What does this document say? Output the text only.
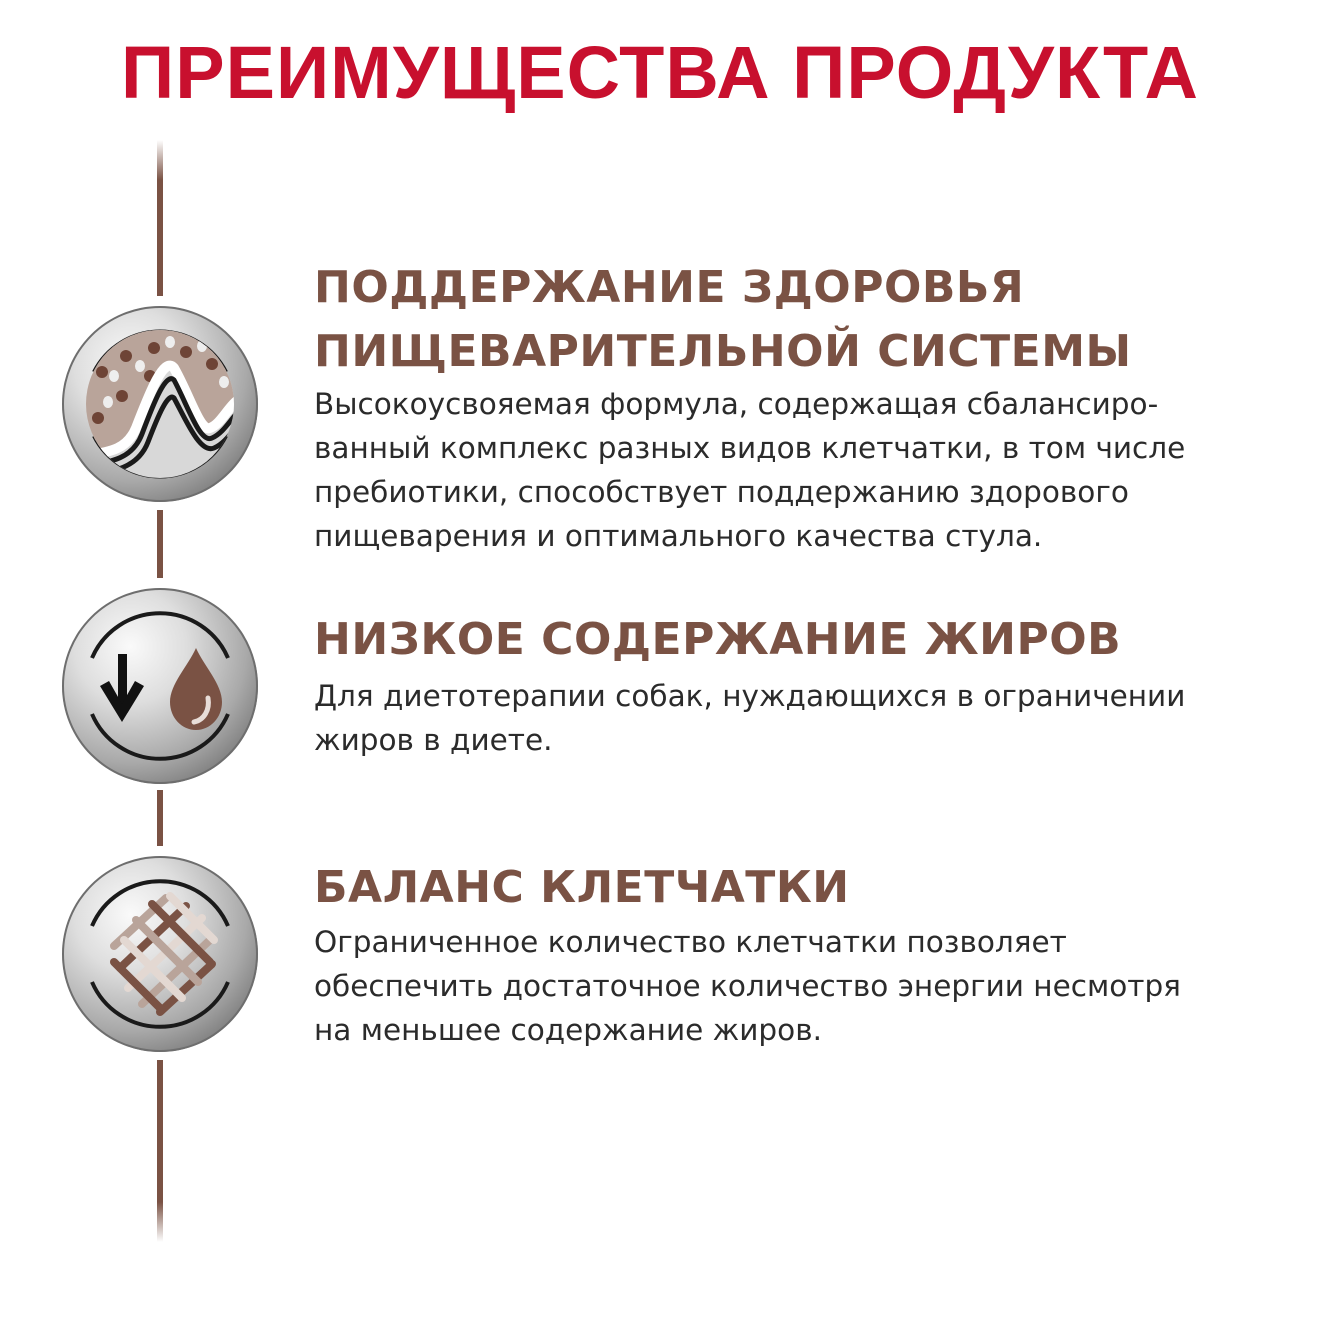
ПРЕИМУЩЕСТВА ПРОДУКТА
ПОДДЕРЖАНИЕ ЗДОРОВЬЯ
ПИЩЕВАРИТЕЛЬНОЙ СИСТЕМЫ

Высокоусвояемая формула, содержащая сбалансиро-
ванный комплекс разных видов клетчатки, в том числе
пребиотики, способствует поддержанию здорового
пищеварения и оптимального качества стула.

НИЗКОЕ СОДЕРЖАНИЕ ЖИРОВ

Для диетотерапии собак, нуждающихся в ограничении
жиров в диете.

БАЛАНС КЛЕТЧАТКИ

Ограниченное количество клетчатки позволяет
обеспечить достаточное количество энергии несмотря
на меньшее содержание жиров.
